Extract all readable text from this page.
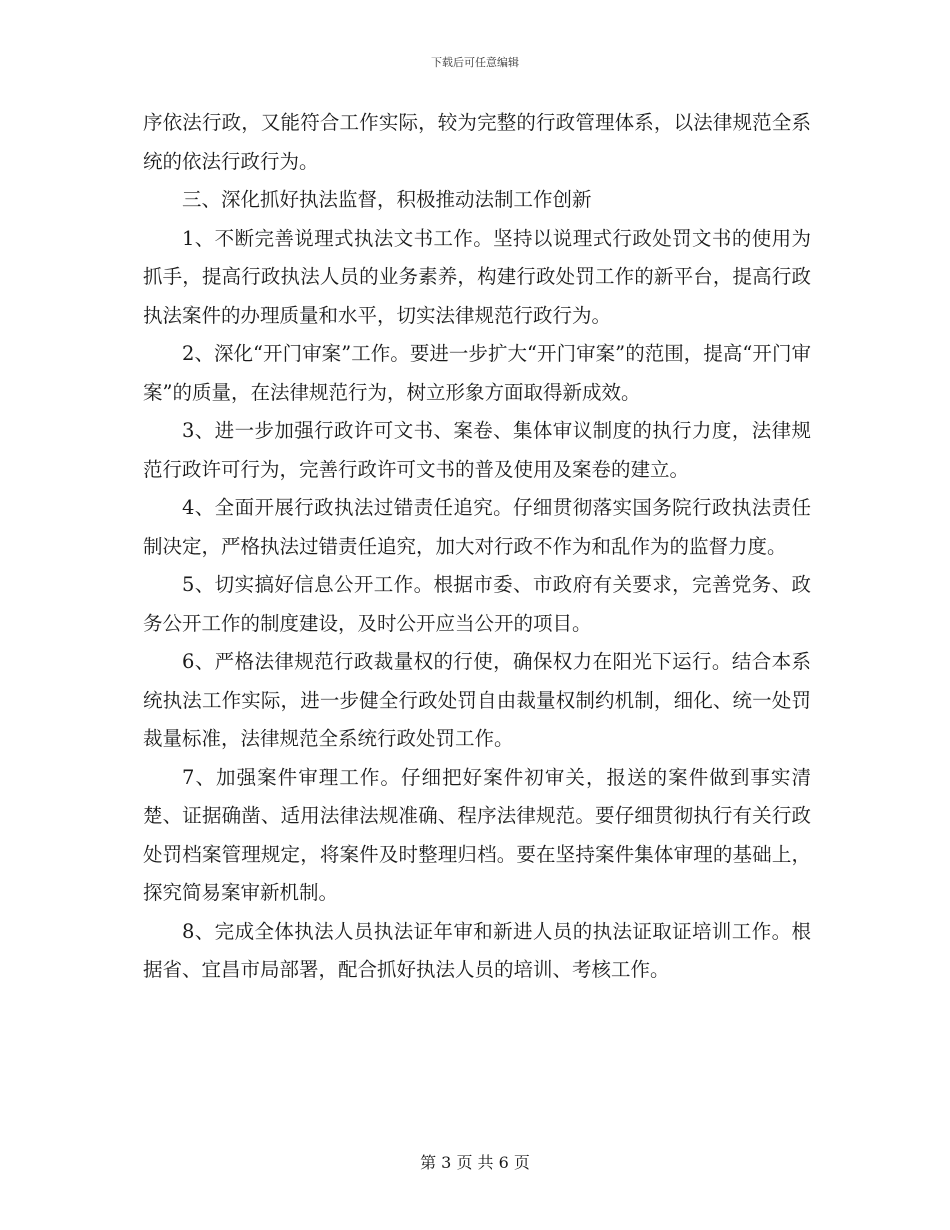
下载后可任意编辑

序依法行政，又能符合工作实际，较为完整的行政管理体系，以法律规范全系统的依法行政行为。

三、深化抓好执法监督，积极推动法制工作创新

1、不断完善说理式执法文书工作。坚持以说理式行政处罚文书的使用为抓手，提高行政执法人员的业务素养，构建行政处罚工作的新平台，提高行政执法案件的办理质量和水平，切实法律规范行政行为。

2、深化“开门审案”工作。要进一步扩大“开门审案”的范围，提高“开门审案”的质量，在法律规范行为，树立形象方面取得新成效。

3、进一步加强行政许可文书、案卷、集体审议制度的执行力度，法律规范行政许可行为，完善行政许可文书的普及使用及案卷的建立。

4、全面开展行政执法过错责任追究。仔细贯彻落实国务院行政执法责任制决定，严格执法过错责任追究，加大对行政不作为和乱作为的监督力度。

5、切实搞好信息公开工作。根据市委、市政府有关要求，完善党务、政务公开工作的制度建设，及时公开应当公开的项目。

6、严格法律规范行政裁量权的行使，确保权力在阳光下运行。结合本系统执法工作实际，进一步健全行政处罚自由裁量权制约机制，细化、统一处罚裁量标准，法律规范全系统行政处罚工作。

7、加强案件审理工作。仔细把好案件初审关，报送的案件做到事实清楚、证据确凿、适用法律法规准确、程序法律规范。要仔细贯彻执行有关行政处罚档案管理规定，将案件及时整理归档。要在坚持案件集体审理的基础上，探究简易案审新机制。

8、完成全体执法人员执法证年审和新进人员的执法证取证培训工作。根据省、宜昌市局部署，配合抓好执法人员的培训、考核工作。

第 3 页 共 6 页
